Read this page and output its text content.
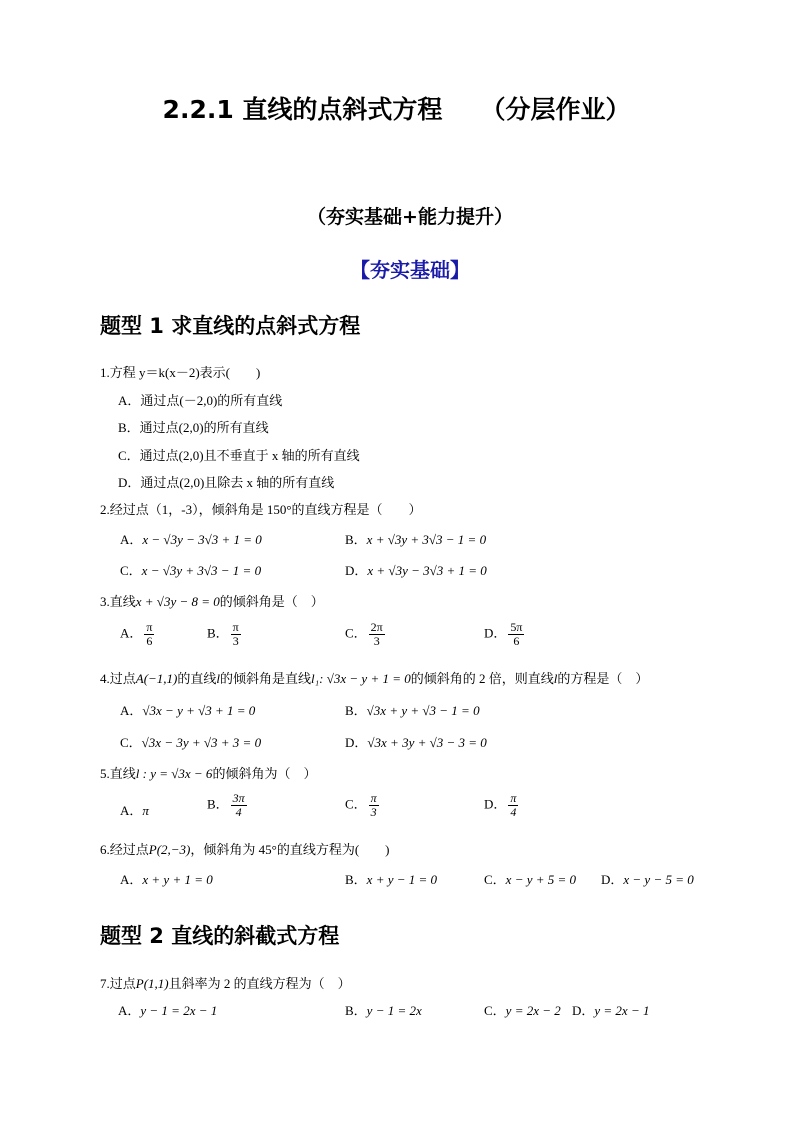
2.2.1 直线的点斜式方程 （分层作业）
（夯实基础+能力提升）
【夯实基础】
题型 1 求直线的点斜式方程
1.方程 y＝k(x－2)表示(　　)
A．通过点(－2,0)的所有直线
B．通过点(2,0)的所有直线
C．通过点(2,0)且不垂直于 x 轴的所有直线
D．通过点(2,0)且除去 x 轴的所有直线
2.经过点（1，-3），倾斜角是 150°的直线方程是（　　）
A．x − √3y − 3√3 + 1 = 0	B．x + √3y + 3√3 − 1 = 0
C．x − √3y + 3√3 − 1 = 0	D．x + √3y − 3√3 + 1 = 0
3.直线x + √3y − 8 = 0的倾斜角是（　）
A． $\frac{\pi}{6}$	B． $\frac{\pi}{3}$	C． $\frac{2\pi}{3}$	D． $\frac{5\pi}{6}$
4.过点A(−1,1)的直线l的倾斜角是直线l₁: √3x − y + 1 = 0的倾斜角的 2 倍，则直线l的方程是（　）
A．√3x − y + √3 + 1 = 0	B．√3x + y + √3 − 1 = 0
C．√3x − 3y + √3 + 3 = 0	D．√3x + 3y + √3 − 3 = 0
5.直线l : y = √3x − 6的倾斜角为（　）
A．π	B． $\frac{3\pi}{4}$	C． $\frac{\pi}{3}$	D． $\frac{\pi}{4}$
6.经过点P(2,−3)，倾斜角为 45°的直线方程为(　　)
A．x + y + 1 = 0	B．x + y − 1 = 0	C．x − y + 5 = 0 D．x − y − 5 = 0
题型 2 直线的斜截式方程
7.过点P(1,1)且斜率为 2 的直线方程为（　）
A．y − 1 = 2x − 1	B．y − 1 = 2x	C．y = 2x − 2 D．y = 2x − 1
